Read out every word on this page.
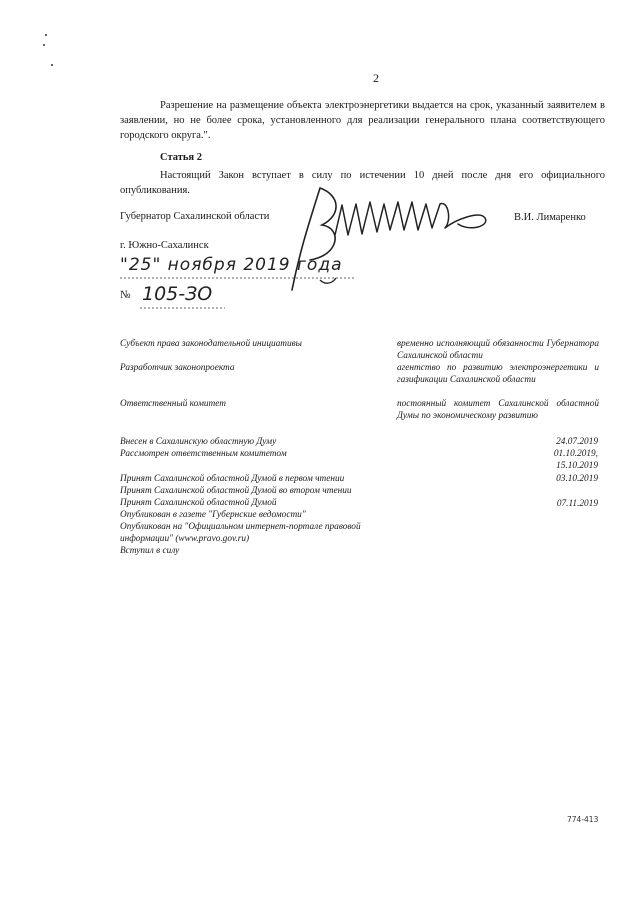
2
Разрешение на размещение объекта электроэнергетики выдается на срок, указанный заявителем в заявлении, но не более срока, установленного для реализации генерального плана соответствующего городского округа.".
Статья 2
Настоящий Закон вступает в силу по истечении 10 дней после дня его официального опубликования.
Губернатор Сахалинской области	В.И. Лимаренко
г. Южно-Сахалинск
"25" ноября 2019 года
№ 105-ЗО
Субъект права законодательной инициативы	временно исполняющий обязанности Губернатора Сахалинской области
Разработчик законопроекта	агентство по развитию электроэнергетики и газификации Сахалинской области
Ответственный комитет	постоянный комитет Сахалинской областной Думы по экономическому развитию
Внесен в Сахалинскую областную Думу	24.07.2019
Рассмотрен ответственным комитетом	01.10.2019,
15.10.2019
Принят Сахалинской областной Думой в первом чтении	03.10.2019
Принят Сахалинской областной Думой во втором чтении
Принят Сахалинской областной Думой	07.11.2019
Опубликован в газете "Губернские ведомости"
Опубликован на "Официальном интернет-портале правовой
информации" (www.pravo.gov.ru)
Вступил в силу
774-413
